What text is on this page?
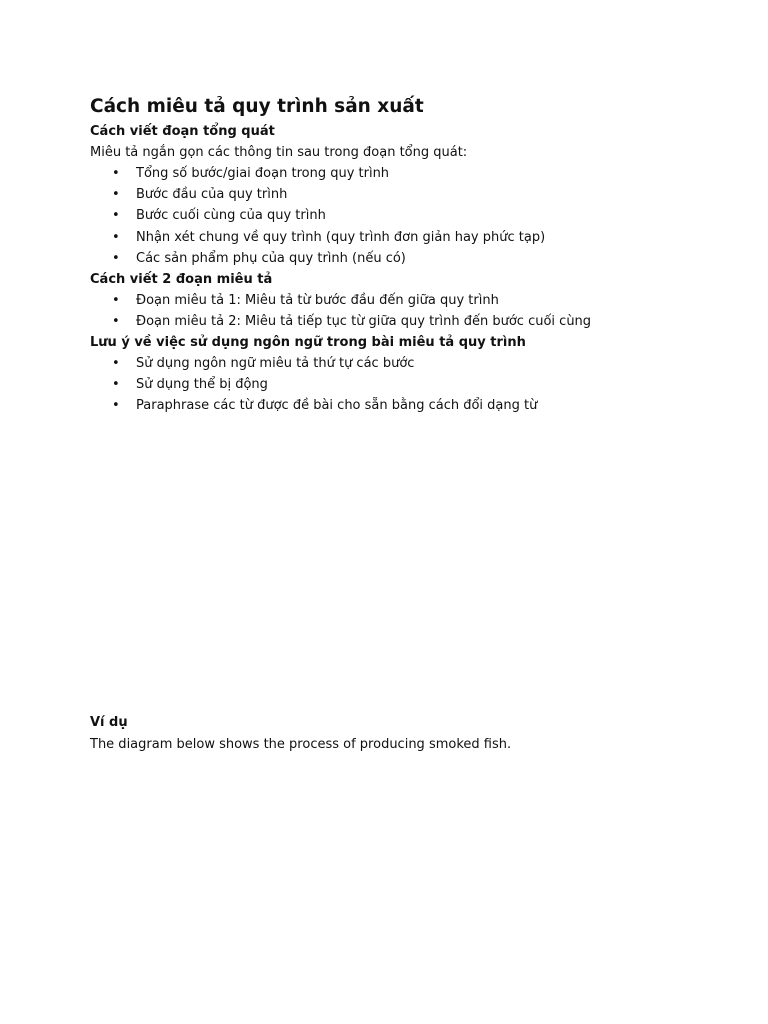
Cách miêu tả quy trình sản xuất

Cách viết đoạn tổng quát

Miêu tả ngắn gọn các thông tin sau trong đoạn tổng quát:

• Tổng số bước/giai đoạn trong quy trình
• Bước đầu của quy trình
• Bước cuối cùng của quy trình
• Nhận xét chung về quy trình (quy trình đơn giản hay phức tạp)
• Các sản phẩm phụ của quy trình (nếu có)

Cách viết 2 đoạn miêu tả

• Đoạn miêu tả 1: Miêu tả từ bước đầu đến giữa quy trình
• Đoạn miêu tả 2: Miêu tả tiếp tục từ giữa quy trình đến bước cuối cùng

Lưu ý về việc sử dụng ngôn ngữ trong bài miêu tả quy trình

• Sử dụng ngôn ngữ miêu tả thứ tự các bước
• Sử dụng thể bị động
• Paraphrase các từ được đề bài cho sẵn bằng cách đổi dạng từ

Ví dụ

The diagram below shows the process of producing smoked fish.
